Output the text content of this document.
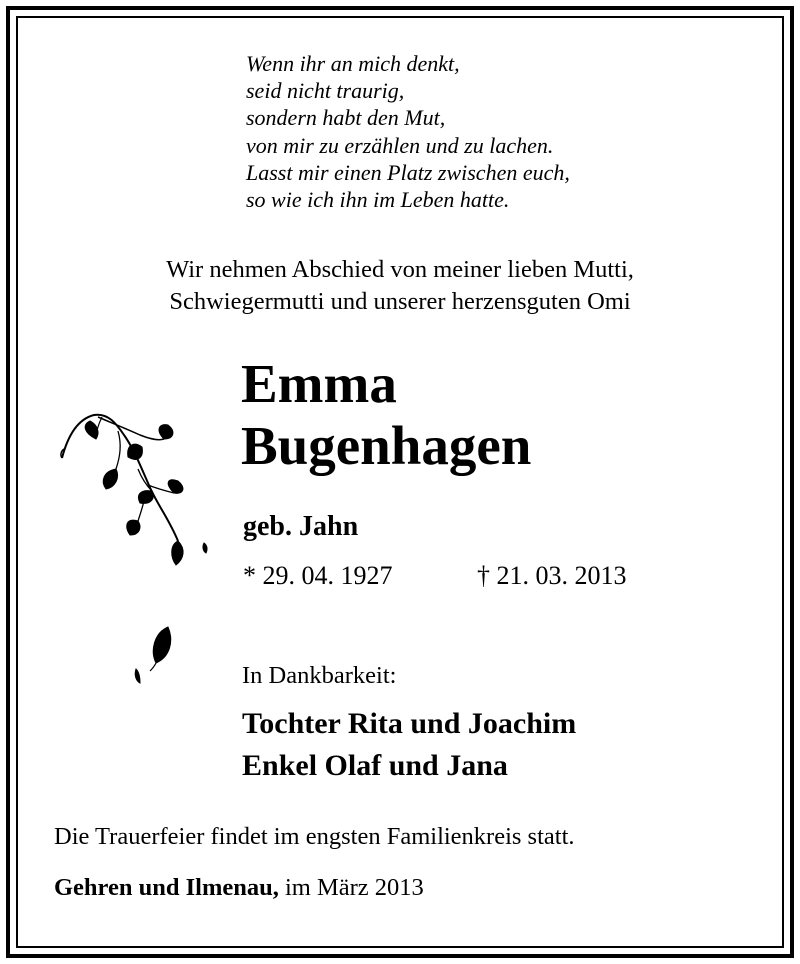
Wenn ihr an mich denkt,
seid nicht traurig,
sondern habt den Mut,
von mir zu erzählen und zu lachen.
Lasst mir einen Platz zwischen euch,
so wie ich ihn im Leben hatte.
Wir nehmen Abschied von meiner lieben Mutti,
Schwiegermutti und unserer herzensguten Omi
Emma
Bugenhagen
geb. Jahn
* 29. 04. 1927	† 21. 03. 2013
In Dankbarkeit:
Tochter Rita und Joachim
Enkel Olaf und Jana
Die Trauerfeier findet im engsten Familienkreis statt.
Gehren und Ilmenau, im März 2013
